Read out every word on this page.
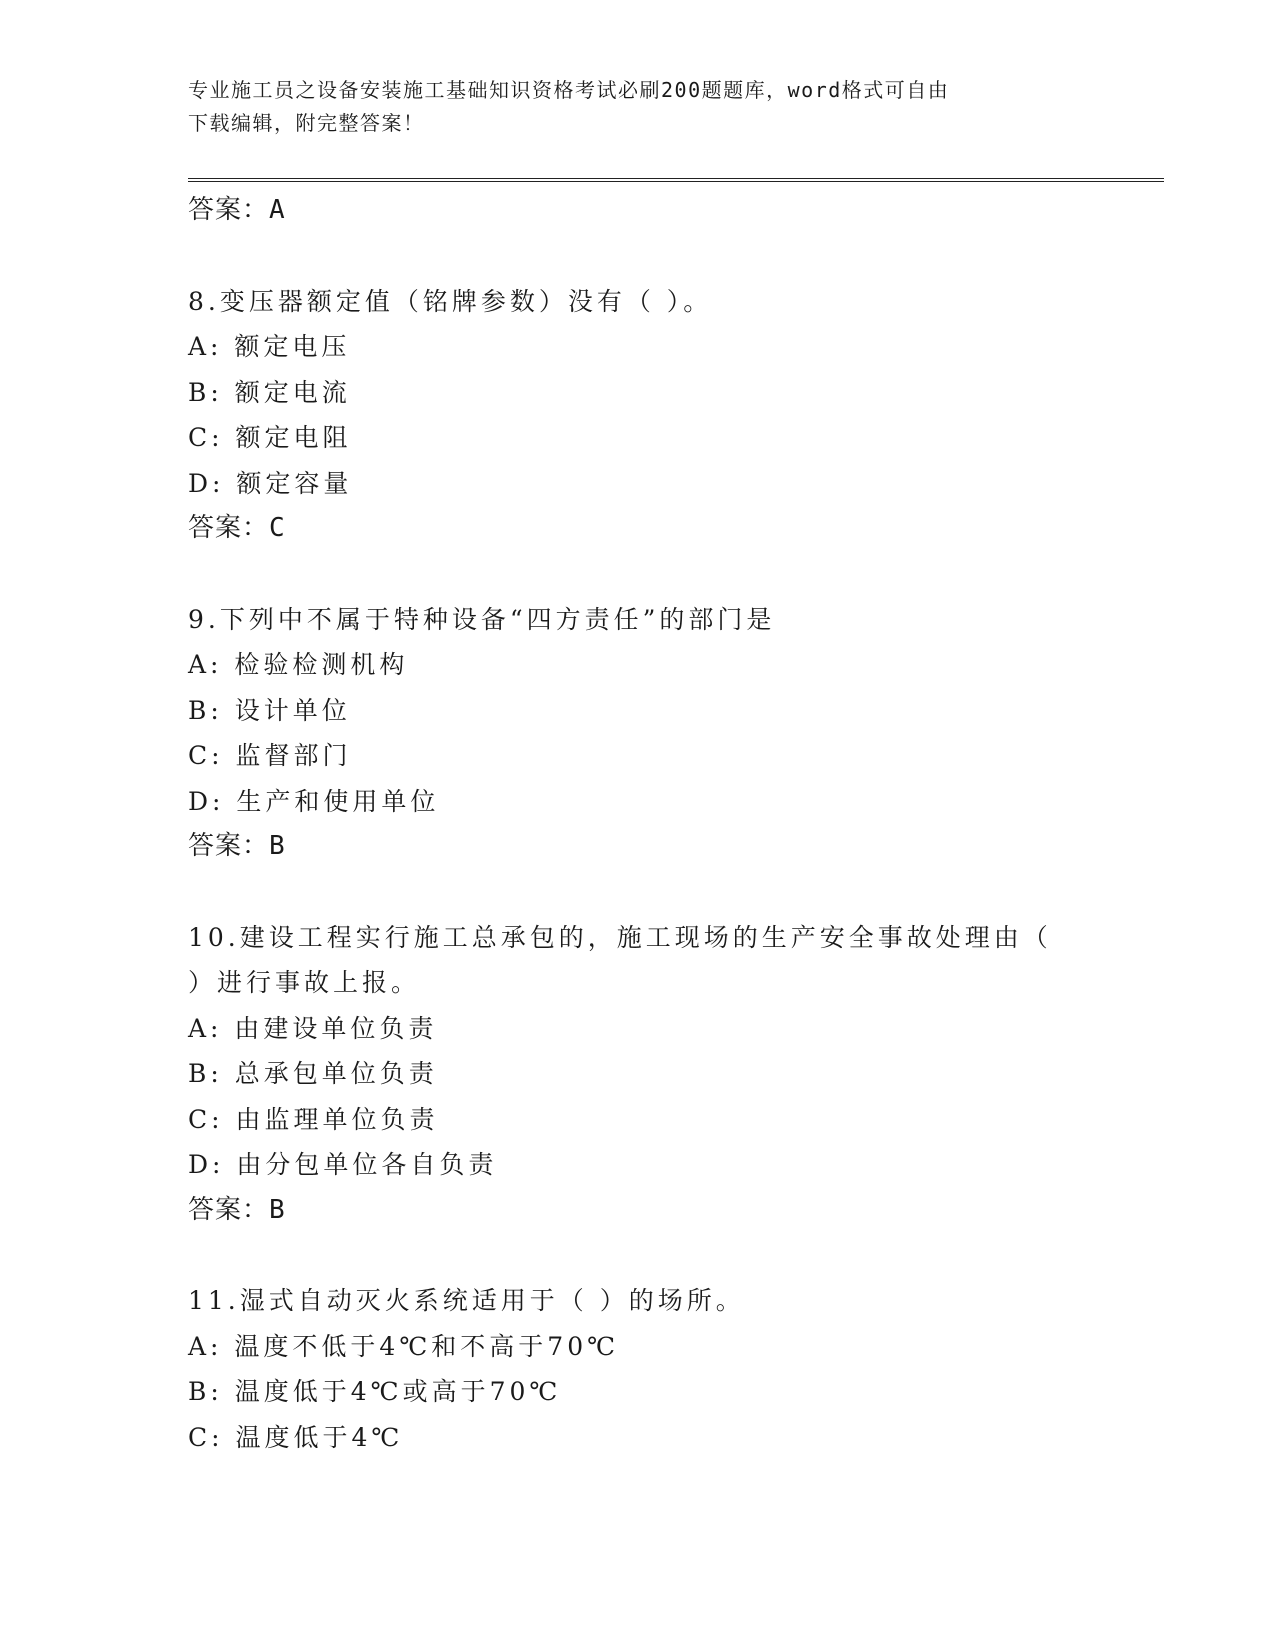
专业施工员之设备安装施工基础知识资格考试必刷200题题库，word格式可自由
下载编辑，附完整答案！
答案：A
8.变压器额定值（铭牌参数）没有（ ）。
A: 额定电压
B: 额定电流
C: 额定电阻
D: 额定容量
答案：C
9.下列中不属于特种设备“四方责任”的部门是
A: 检验检测机构
B: 设计单位
C: 监督部门
D: 生产和使用单位
答案：B
10.建设工程实行施工总承包的，施工现场的生产安全事故处理由（
）进行事故上报。
A: 由建设单位负责
B: 总承包单位负责
C: 由监理单位负责
D: 由分包单位各自负责
答案：B
11.湿式自动灭火系统适用于（ ）的场所。
A: 温度不低于4℃和不高于70℃
B: 温度低于4℃或高于70℃
C: 温度低于4℃
